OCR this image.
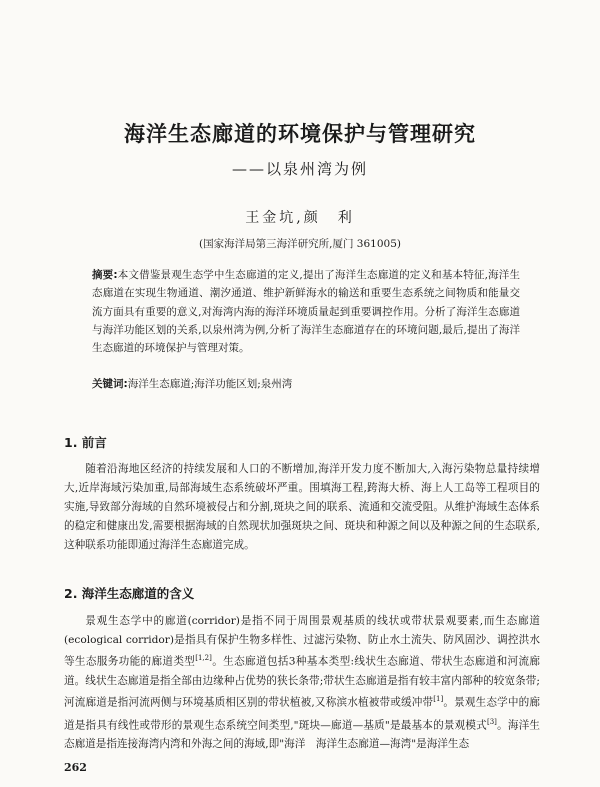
海洋生态廊道的环境保护与管理研究

——以泉州湾为例

王金坑,颜　利

(国家海洋局第三海洋研究所,厦门 361005)

摘要:本文借鉴景观生态学中生态廊道的定义,提出了海洋生态廊道的定义和基本特征,海洋生态廊道在实现生物通道、潮汐通道、维护新鲜海水的输送和重要生态系统之间物质和能量交流方面具有重要的意义,对海湾内海的海洋环境质量起到重要调控作用。分析了海洋生态廊道与海洋功能区划的关系,以泉州湾为例,分析了海洋生态廊道存在的环境问题,最后,提出了海洋生态廊道的环境保护与管理对策。

关键词:海洋生态廊道;海洋功能区划;泉州湾

1. 前言

随着沿海地区经济的持续发展和人口的不断增加,海洋开发力度不断加大,入海污染物总量持续增大,近岸海域污染加重,局部海域生态系统破坏严重。围填海工程,跨海大桥、海上人工岛等工程项目的实施,导致部分海域的自然环境被侵占和分割,斑块之间的联系、流通和交流受阻。从维护海域生态体系的稳定和健康出发,需要根据海域的自然现状加强斑块之间、斑块和种源之间以及种源之间的生态联系,这种联系功能即通过海洋生态廊道完成。

2. 海洋生态廊道的含义

景观生态学中的廊道(corridor)是指不同于周围景观基质的线状或带状景观要素,而生态廊道(ecological corridor)是指具有保护生物多样性、过滤污染物、防止水土流失、防风固沙、调控洪水等生态服务功能的廊道类型[1,2]。生态廊道包括3种基本类型:线状生态廊道、带状生态廊道和河流廊道。线状生态廊道是指全部由边缘种占优势的狭长条带;带状生态廊道是指有较丰富内部种的较宽条带;河流廊道是指河流两侧与环境基质相区别的带状植被,又称滨水植被带或缓冲带[1]。景观生态学中的廊道是指具有线性或带形的景观生态系统空间类型,"斑块—廊道—基质"是最基本的景观模式[3]。海洋生态廊道是指连接海湾内湾和外海之间的海域,即"海洋　海洋生态廊道—海湾"是海洋生态

262
